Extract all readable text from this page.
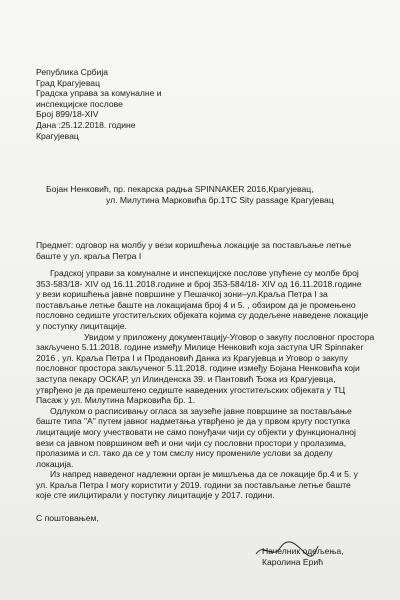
Република Србија
Град Крагујевац
Градска управа за комуналне и
инспекцијске послове
Број 899/18-XIV
Дана :25.12.2018. године
Крагујевац
Бојан Ненковић, пр. пекарска радња SPINNAKER 2016,Крагујевац,
ул. Милутина Марковића бр.1ТС Sity passage Крагујевац
Предмет: одговор на молбу у вези коришћења локације за постављање летње
баште у ул. краља Петра I

Градској управи за комуналне и инспекцијске послове упућене су молбе број
353-583/18- XIV од 16.11.2018.године и број 353-584/18- XIV од 16.11.2018.године
у вези коришћења јавне површине у Пешачкој зони–ул.Краља Петра I за
постављање летње баште на локацијама број 4 и 5. , обзиром да је промењено
пословно седиште угоститељских објеката којима су додељене наведене локације
у поступку лицитације.

Увидом у приложену документацију-Уговор о закупу пословног простора
закључено 5.11.2018. године између Милице Ненковић која заступа UR Spinnaker
2016 , ул. Краља Петра I и Продановић Данка из Крагујевца и Уговор о закупу
пословног простора закљученог 5.11.2018. године између Бојана Ненковића који
заступа пекару ОСКАР, ул Илинденска 39. и Пантовић Ђока из Крагујевца,
утврђено је да премештено седиште наведених угоститељских објеката у ТЦ
Пасаж у ул. Милутина Марковића бр. 1.

Одлуком о расписивању огласа за заузеће јавне површине за постављање
баште типа "А" путем јавног надметања утврђено је да у првом кругу поступка
лицитације могу учествовати не само понуђачи чији су објекти у функционалној
вези са јавном површином већ и они чији су пословни простори у пролазима,
пролазима и сл. тако да се у том смслу нису промениле услови за доделу
локација.

Из напред наведеног надлежни орган је мишљења да се локације бр.4 и 5. у
ул. Краља Петра I могу користити у 2019. години за постављање летње баште
које сте иилцитирали у поступку лицитације у 2017. години.

С поштовањем,
Начелник одељења,
Каролина Ерић
